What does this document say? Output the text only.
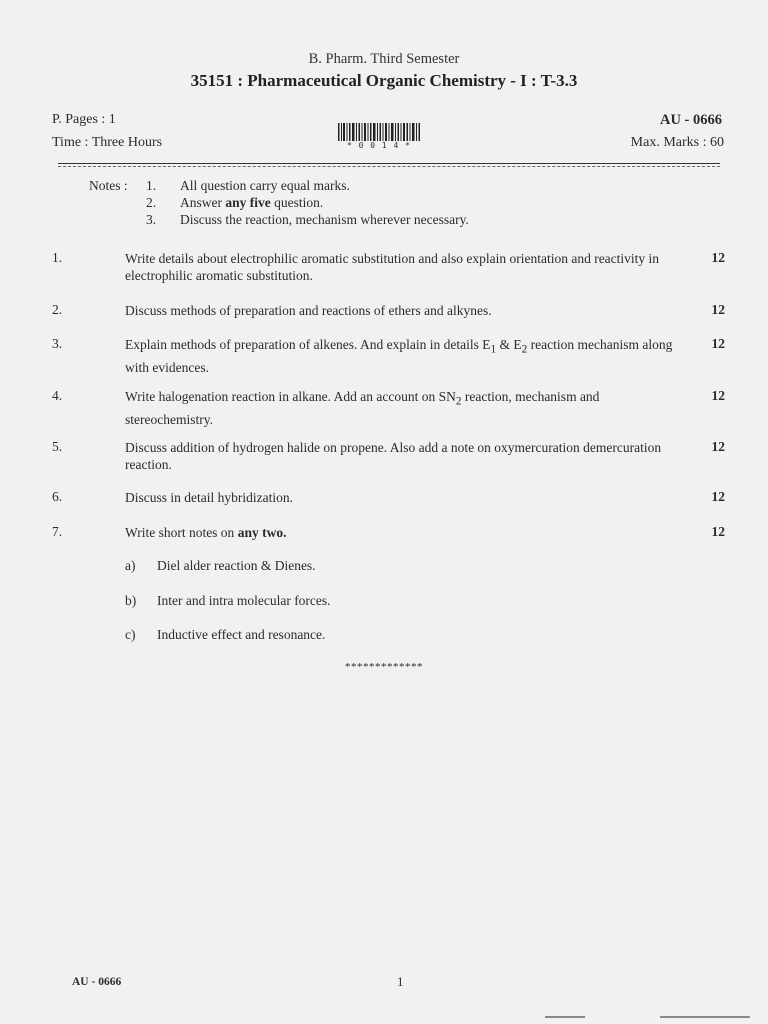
B. Pharm. Third Semester
35151 : Pharmaceutical Organic Chemistry - I : T-3.3
P. Pages : 1
Time : Three Hours
AU - 0666
Max. Marks : 60
* 0 0 1 4 *
Notes : 1. All question carry equal marks.
2. Answer any five question.
3. Discuss the reaction, mechanism wherever necessary.
1.	Write details about electrophilic aromatic substitution and also explain orientation and reactivity in electrophilic aromatic substitution.
12
2.	Discuss methods of preparation and reactions of ethers and alkynes.	12
3.	Explain methods of preparation of alkenes. And explain in details $E_1$ & $E_2$ reaction mechanism along with evidences.
12
4.	Write halogenation reaction in alkane. Add an account on $SN_2$ reaction, mechanism and stereochemistry.
12
5.	Discuss addition of hydrogen halide on propene. Also add a note on oxymercuration demercuration reaction.
12
6.	Discuss in detail hybridization.	12
7.	Write short notes on any two.	12
a) Diel alder reaction & Dienes.
b) Inter and intra molecular forces.
c) Inductive effect and resonance.
*************
AU - 0666	1
